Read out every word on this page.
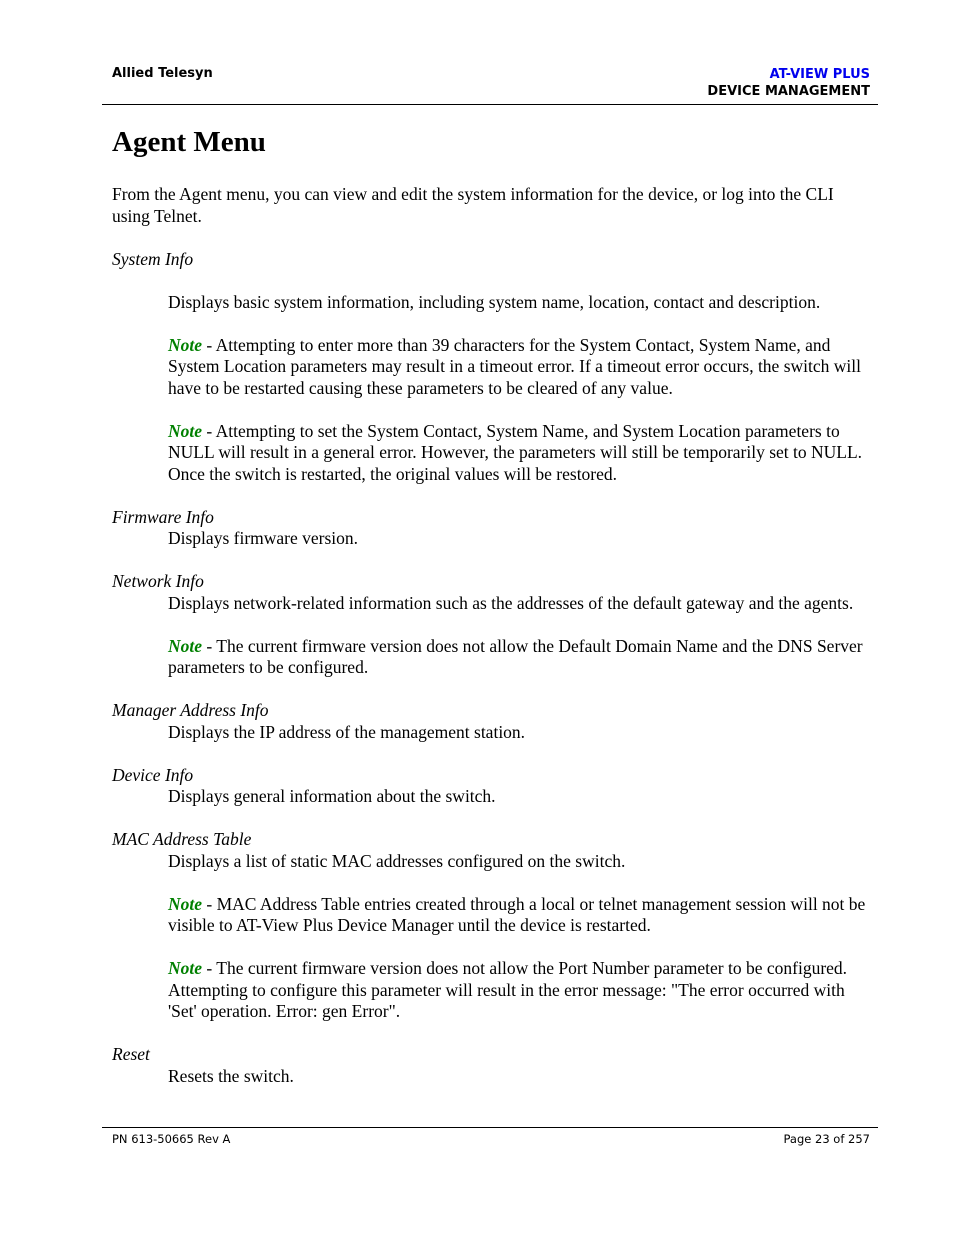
Allied Telesyn	AT-VIEW PLUS
DEVICE MANAGEMENT
Agent Menu

From the Agent menu, you can view and edit the system information for the device, or log into the CLI using Telnet.

System Info

Displays basic system information, including system name, location, contact and description.

Note - Attempting to enter more than 39 characters for the System Contact, System Name, and System Location parameters may result in a timeout error. If a timeout error occurs, the switch will have to be restarted causing these parameters to be cleared of any value.

Note - Attempting to set the System Contact, System Name, and System Location parameters to NULL will result in a general error. However, the parameters will still be temporarily set to NULL. Once the switch is restarted, the original values will be restored.

Firmware Info

Displays firmware version.

Network Info

Displays network-related information such as the addresses of the default gateway and the agents.

Note - The current firmware version does not allow the Default Domain Name and the DNS Server parameters to be configured.

Manager Address Info

Displays the IP address of the management station.

Device Info

Displays general information about the switch.

MAC Address Table

Displays a list of static MAC addresses configured on the switch.

Note - MAC Address Table entries created through a local or telnet management session will not be visible to AT-View Plus Device Manager until the device is restarted.

Note - The current firmware version does not allow the Port Number parameter to be configured. Attempting to configure this parameter will result in the error message: "The error occurred with 'Set' operation. Error: gen Error".

Reset

Resets the switch.

PN 613-50665 Rev A	Page 23 of 257
